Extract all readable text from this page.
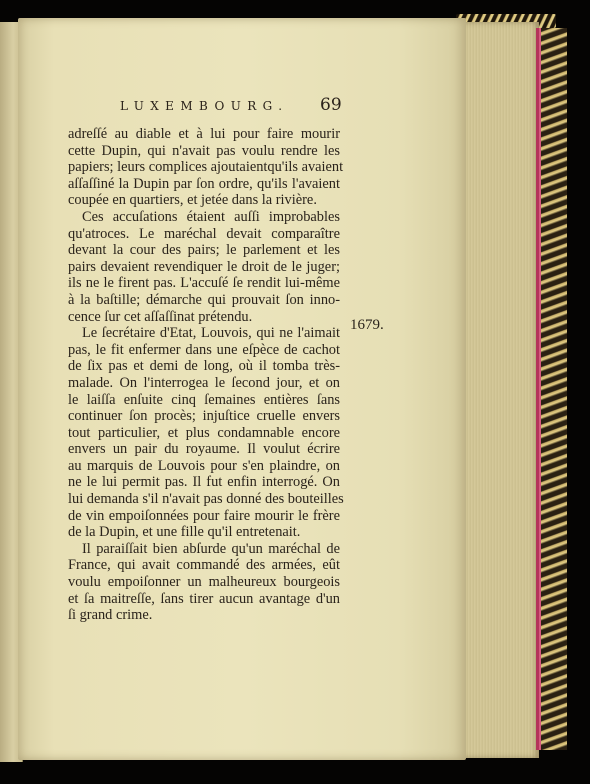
LUXEMBOURG. 69
adreſſé au diable et à lui pour faire mourir
cette Dupin, qui n'avait pas voulu rendre les
papiers; leurs complices ajoutaientqu'ils avaient
aſſaſſiné la Dupin par ſon ordre, qu'ils l'avaient
coupée en quartiers, et jetée dans la rivière.
Ces accuſations étaient auſſi improbables
qu'atroces. Le maréchal devait comparaître
devant la cour des pairs; le parlement et les
pairs devaient revendiquer le droit de le juger;
ils ne le firent pas. L'accuſé ſe rendit lui-même
à la baſtille; démarche qui prouvait ſon inno-
cence ſur cet aſſaſſinat prétendu.
Le ſecrétaire d'Etat, Louvois, qui ne l'aimait
pas, le fit enfermer dans une eſpèce de cachot
de ſix pas et demi de long, où il tomba très-
malade. On l'interrogea le ſecond jour, et on
le laiſſa enſuite cinq ſemaines entières ſans
continuer ſon procès; injuſtice cruelle envers
tout particulier, et plus condamnable encore
envers un pair du royaume. Il voulut écrire
au marquis de Louvois pour s'en plaindre, on
ne le lui permit pas. Il fut enfin interrogé. On
lui demanda s'il n'avait pas donné des bouteilles
de vin empoiſonnées pour faire mourir le frère
de la Dupin, et une fille qu'il entretenait.
Il paraiſſait bien abſurde qu'un maréchal de
France, qui avait commandé des armées, eût
voulu empoiſonner un malheureux bourgeois
et ſa maitreſſe, ſans tirer aucun avantage d'un
ſi grand crime.
1679.
